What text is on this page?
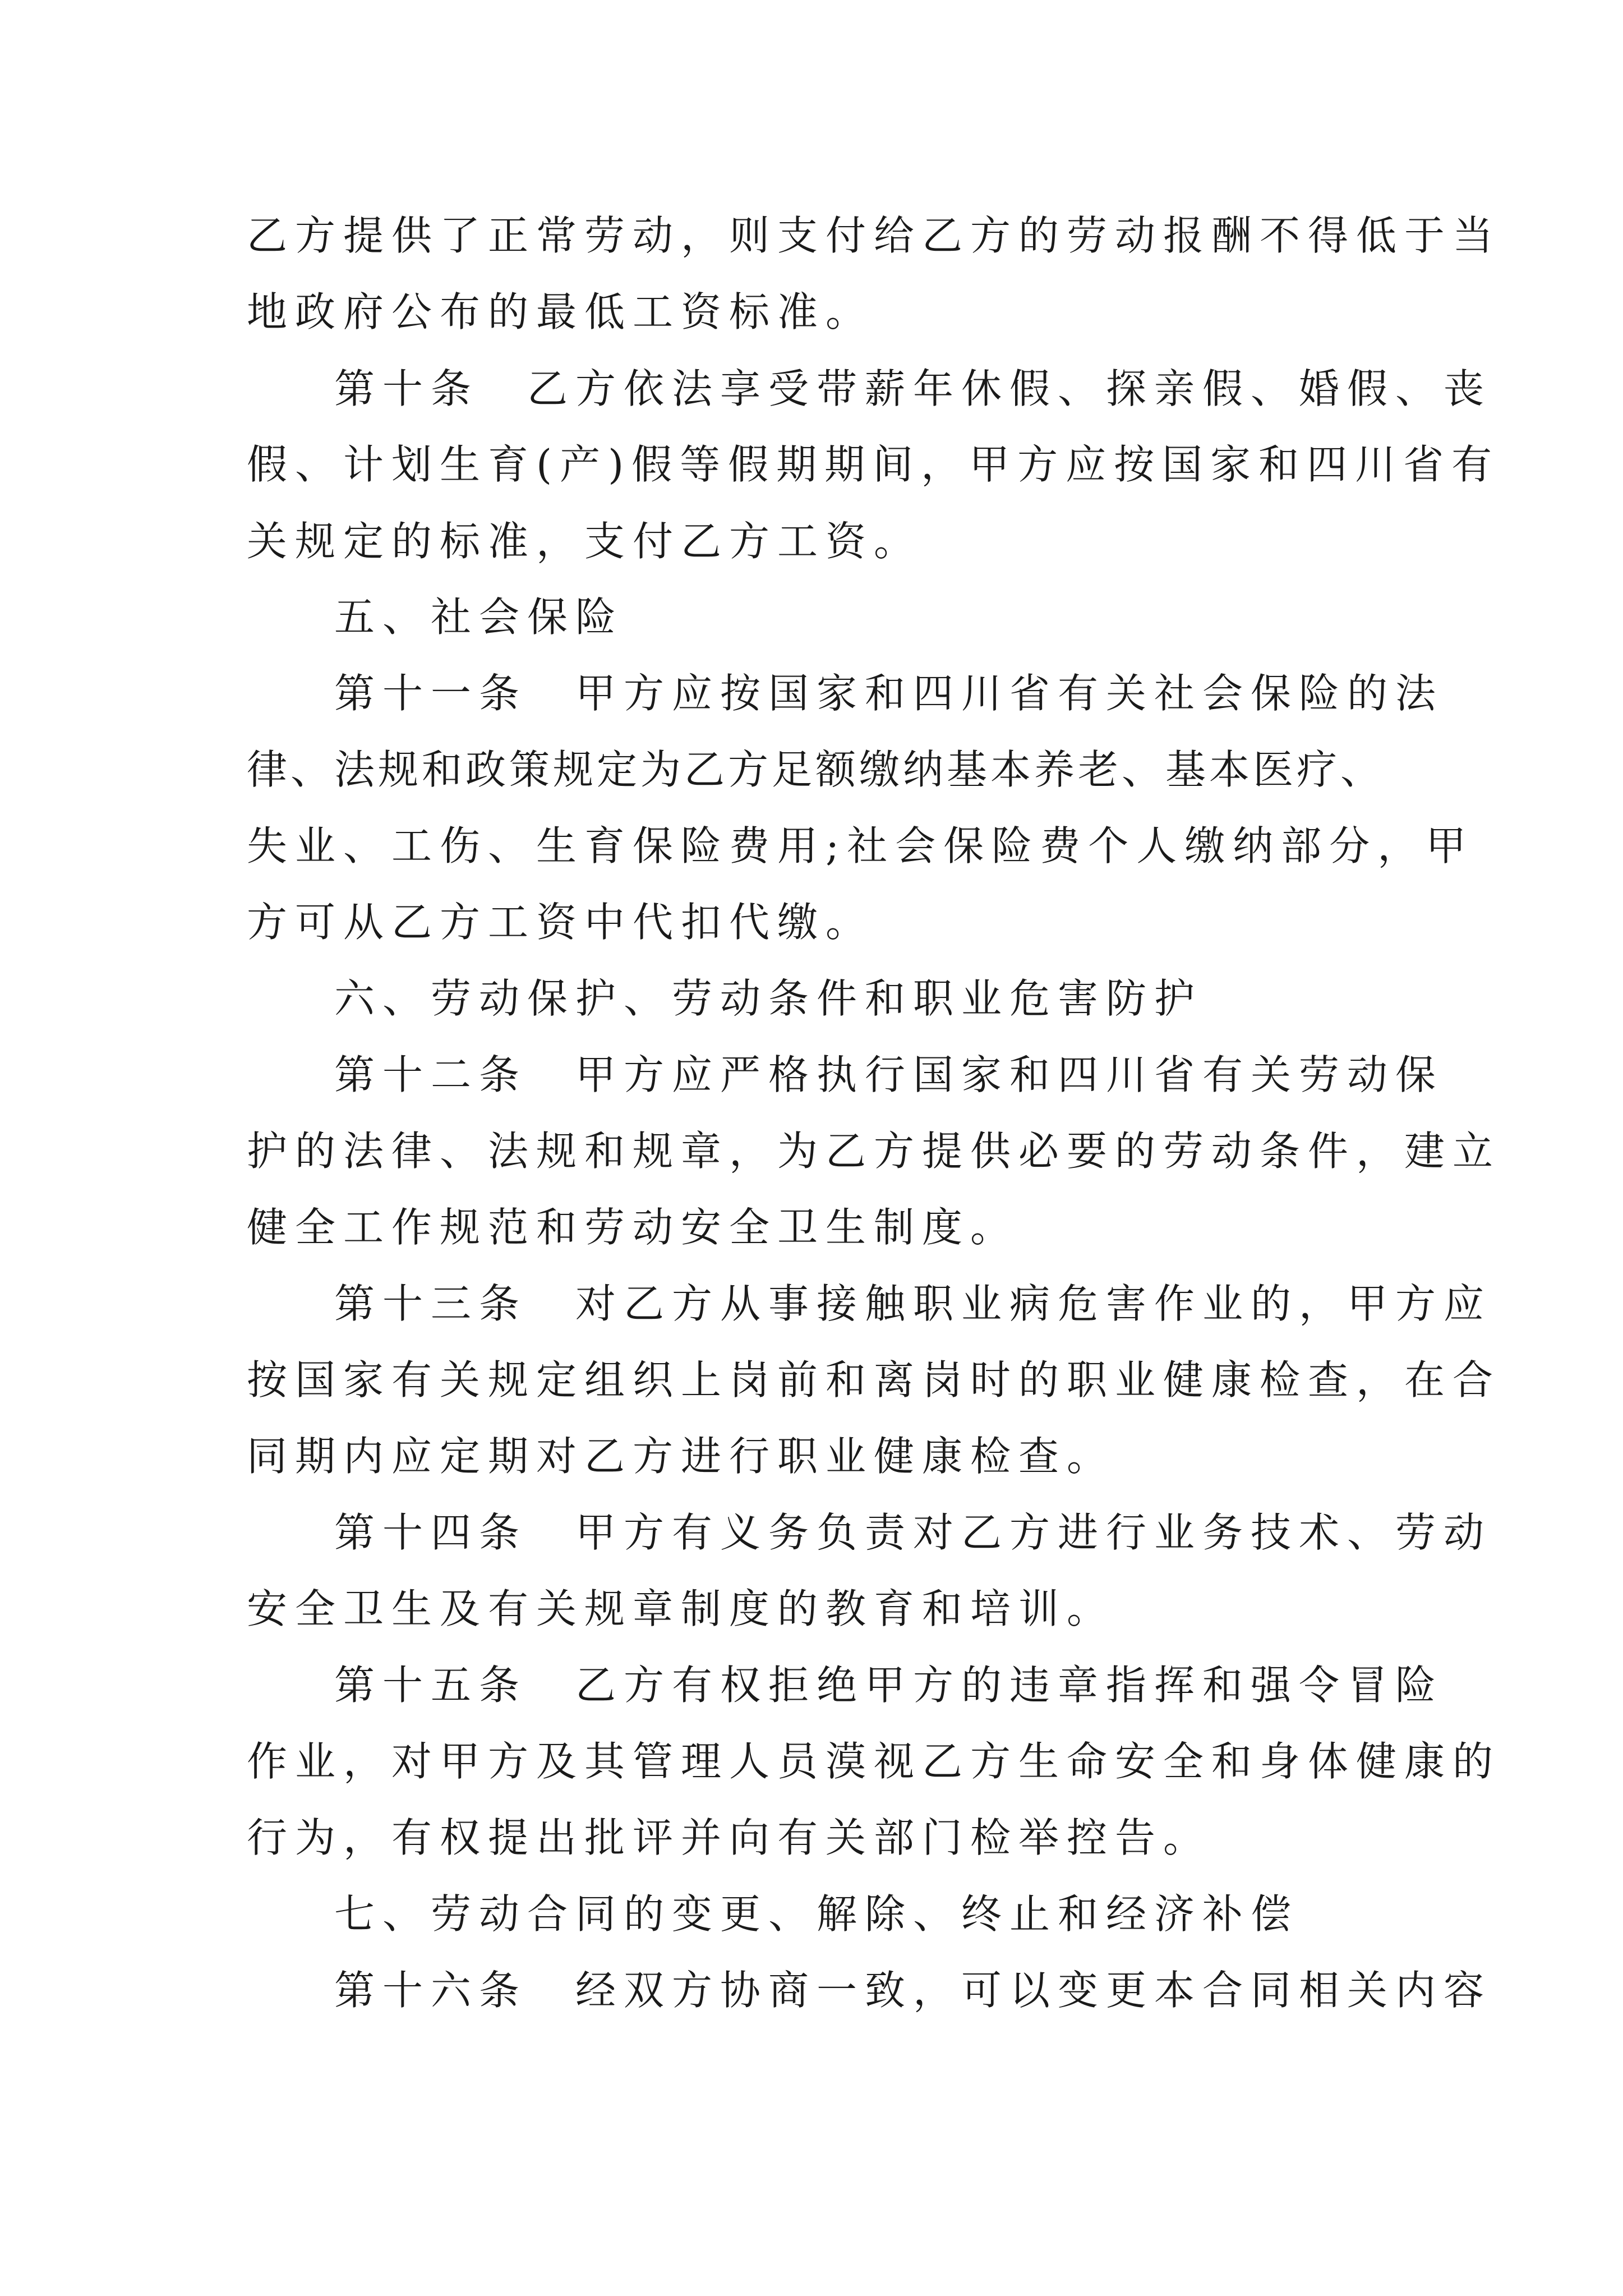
乙方提供了正常劳动，则支付给乙方的劳动报酬不得低于当
地政府公布的最低工资标准。
第十条　乙方依法享受带薪年休假、探亲假、婚假、丧
假、计划生育(产)假等假期期间，甲方应按国家和四川省有
关规定的标准，支付乙方工资。
五、社会保险
第十一条　甲方应按国家和四川省有关社会保险的法
律、法规和政策规定为乙方足额缴纳基本养老、基本医疗、
失业、工伤、生育保险费用;社会保险费个人缴纳部分，甲
方可从乙方工资中代扣代缴。
六、劳动保护、劳动条件和职业危害防护
第十二条　甲方应严格执行国家和四川省有关劳动保
护的法律、法规和规章，为乙方提供必要的劳动条件，建立
健全工作规范和劳动安全卫生制度。
第十三条　对乙方从事接触职业病危害作业的，甲方应
按国家有关规定组织上岗前和离岗时的职业健康检查，在合
同期内应定期对乙方进行职业健康检查。
第十四条　甲方有义务负责对乙方进行业务技术、劳动
安全卫生及有关规章制度的教育和培训。
第十五条　乙方有权拒绝甲方的违章指挥和强令冒险
作业，对甲方及其管理人员漠视乙方生命安全和身体健康的
行为，有权提出批评并向有关部门检举控告。
七、劳动合同的变更、解除、终止和经济补偿
第十六条　经双方协商一致，可以变更本合同相关内容
